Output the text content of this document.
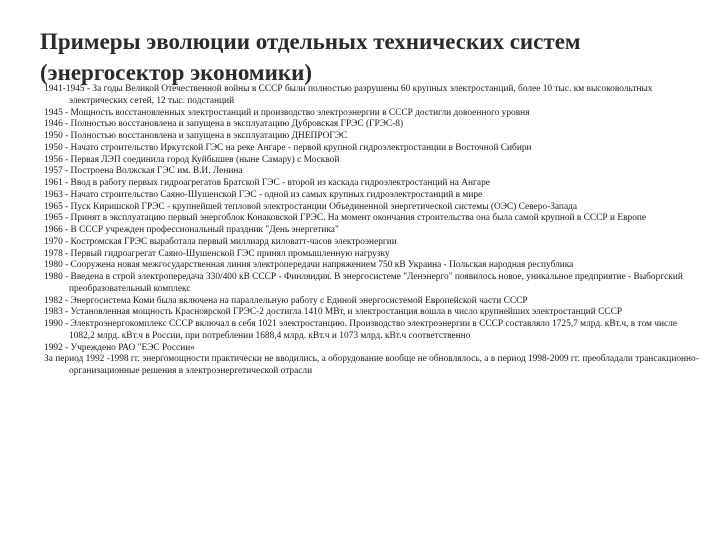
Примеры эволюции отдельных технических систем
(энергосектор экономики)

1941-1945 - За годы Великой Отечественной войны в СССР были полностью разрушены 60 крупных электростанций, более 10 тыс. км высоковольтных электрических сетей, 12 тыс. подстанций

1945 - Мощность восстановленных электростанций и производство электроэнергии в СССР достигли довоенного уровня

1946 - Полностью восстановлена и запущена в эксплуатацию Дубровская ГРЭС (ГРЭС-8)

1950 - Полностью восстановлена и запущена в эксплуатацию ДНЕПРОГЭС

1950 - Начато строительство Иркутской ГЭС на реке Ангаре - первой крупной гидроэлектростанции в Восточной Сибири

1956 - Первая ЛЭП соединила город Куйбышев (ныне Самару) с Москвой

1957 - Построена Волжская ГЭС им. В.И. Ленина

1961 - Ввод в работу первых гидроагрегатов Братской ГЭС - второй из каскада гидроэлектростанций на Ангаре

1963 - Начато строительство Саяно-Шушенской ГЭС - одной из самых крупных гидроэлектростанций в мире

1965 - Пуск Киришской ГРЭС - крупнейшей тепловой электростанции Объединенной энергетической системы (ОЭС) Северо-Запада

1965 - Принят в эксплуатацию первый энергоблок Конаковской ГРЭС. На момент окончания строительства она была самой крупной в СССР и Европе

1966 - В СССР учрежден профессиональный праздник "День энергетика"

1970 - Костромская ГРЭС выработала первый миллиард киловатт-часов электроэнергии

1978 - Первый гидроагрегат Саяно-Шушенской ГЭС принял промышленную нагрузку

1980 - Сооружена новая межгосударственная линия электропередачи напряжением 750 кВ Украина - Польская народная республика

1980 - Введена в строй электропередача 330/400 кВ СССР - Финляндия. В энергосистеме "Ленэнерго" появилось новое, уникальное предприятие - Выборгский преобразовательный комплекс

1982 - Энергосистема Коми была включена на параллельную работу с Единой энергосистемой Европейской части СССР

1983 - Установленная мощность Красноярской ГРЭС-2 достигла 1410 МВт, и электростанция вошла в число крупнейших электростанций СССР

1990 - Электроэнергокомплекс СССР включал в себя 1021 электростанцию. Производство электроэнергии в СССР составляло 1725,7 млрд. кВт.ч, в том числе 1082,2 млрд. кВт.ч в России, при потреблении 1688,4 млрд. кВт.ч и 1073 млрд. кВт.ч соответственно

1992 - Учреждено РАО "ЕЭС России«

За период 1992 -1998 гг. энергомощности практически не вводились, а оборудование вообще не обновлялось, а в период 1998-2009 гг. преобладали трансакционно-организационные решения в электроэнергетической отрасли
